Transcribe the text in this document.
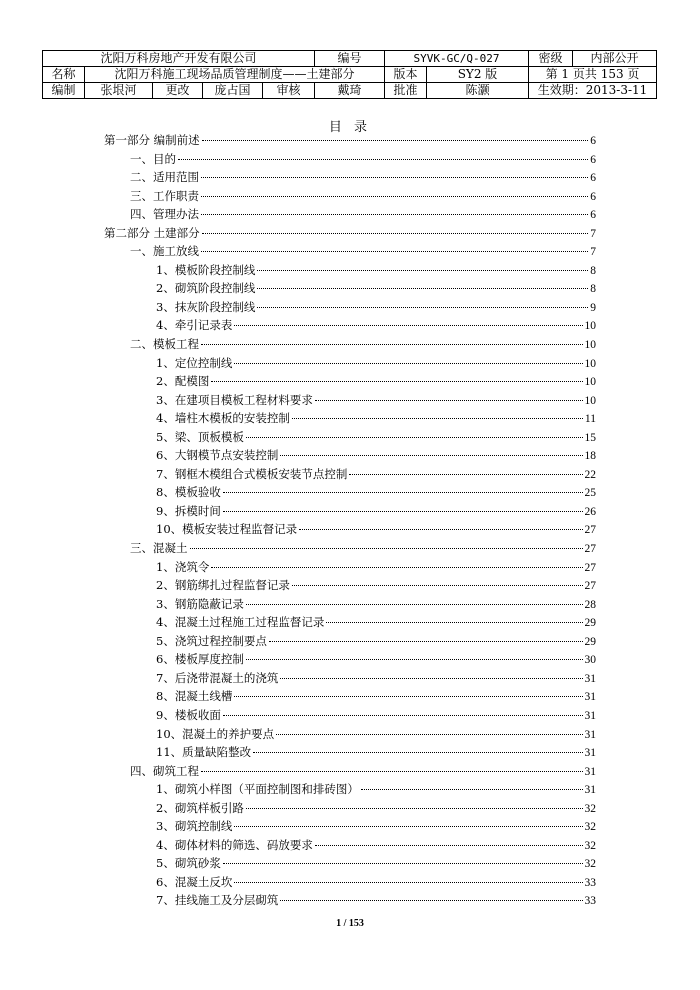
沈阳万科房地产开发有限公司					编号	SYVK-GC/Q-027		密级	内部公开
名称	沈阳万科施工现场品质管理制度——土建部分					版本	SY2 版	第 1 页共 153 页	
编制	张垠河	更改	庞占国	审核	戴琦	批准	陈灏	生效期：2013-3-11	
目 录
第一部分 编制前述	6
一、目的	6
二、适用范围	6
三、工作职责	6
四、管理办法	6
第二部分 土建部分	7
一、施工放线	7
1、模板阶段控制线	8
2、砌筑阶段控制线	8
3、抹灰阶段控制线	9
4、牵引记录表	10
二、模板工程	10
1、定位控制线	10
2、配模图	10
3、在建项目模板工程材料要求	10
4、墙柱木模板的安装控制	11
5、梁、顶板模板	15
6、大钢模节点安装控制	18
7、钢框木模组合式模板安装节点控制	22
8、模板验收	25
9、拆模时间	26
10、模板安装过程监督记录	27
三、混凝土	27
1、浇筑令	27
2、钢筋绑扎过程监督记录	27
3、钢筋隐蔽记录	28
4、混凝土过程施工过程监督记录	29
5、浇筑过程控制要点	29
6、楼板厚度控制	30
7、后浇带混凝土的浇筑	31
8、混凝土线槽	31
9、楼板收面	31
10、混凝土的养护要点	31
11、质量缺陷整改	31
四、砌筑工程	31
1、砌筑小样图（平面控制图和排砖图）	31
2、砌筑样板引路	32
3、砌筑控制线	32
4、砌体材料的筛选、码放要求	32
5、砌筑砂浆	32
6、混凝土反坎	33
7、挂线施工及分层砌筑	33
1 / 153
